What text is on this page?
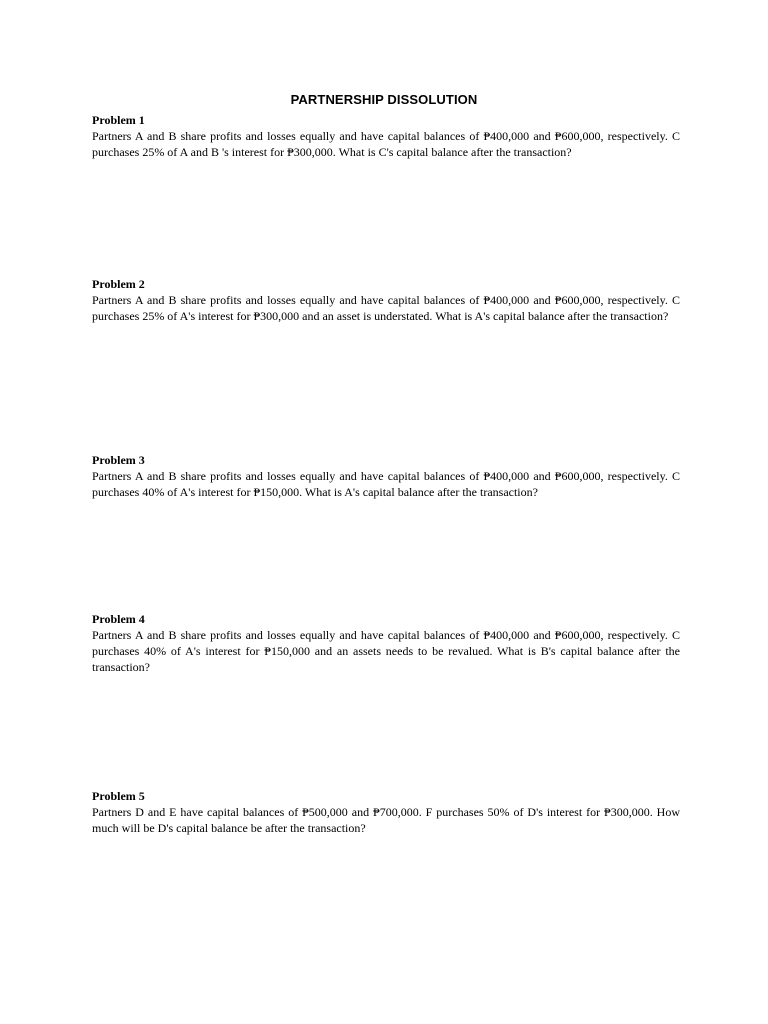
PARTNERSHIP DISSOLUTION

Problem 1

Partners A and B share profits and losses equally and have capital balances of ₱400,000 and ₱600,000, respectively. C purchases 25% of A and B 's interest for ₱300,000. What is C's capital balance after the transaction?

Problem 2

Partners A and B share profits and losses equally and have capital balances of ₱400,000 and ₱600,000, respectively. C purchases 25% of A's interest for ₱300,000 and an asset is understated. What is A's capital balance after the transaction?

Problem 3

Partners A and B share profits and losses equally and have capital balances of ₱400,000 and ₱600,000, respectively. C purchases 40% of A's interest for ₱150,000. What is A's capital balance after the transaction?

Problem 4

Partners A and B share profits and losses equally and have capital balances of ₱400,000 and ₱600,000, respectively. C purchases 40% of A's interest for ₱150,000 and an assets needs to be revalued. What is B's capital balance after the transaction?

Problem 5

Partners D and E have capital balances of ₱500,000 and ₱700,000. F purchases 50% of D's interest for ₱300,000. How much will be D's capital balance be after the transaction?
